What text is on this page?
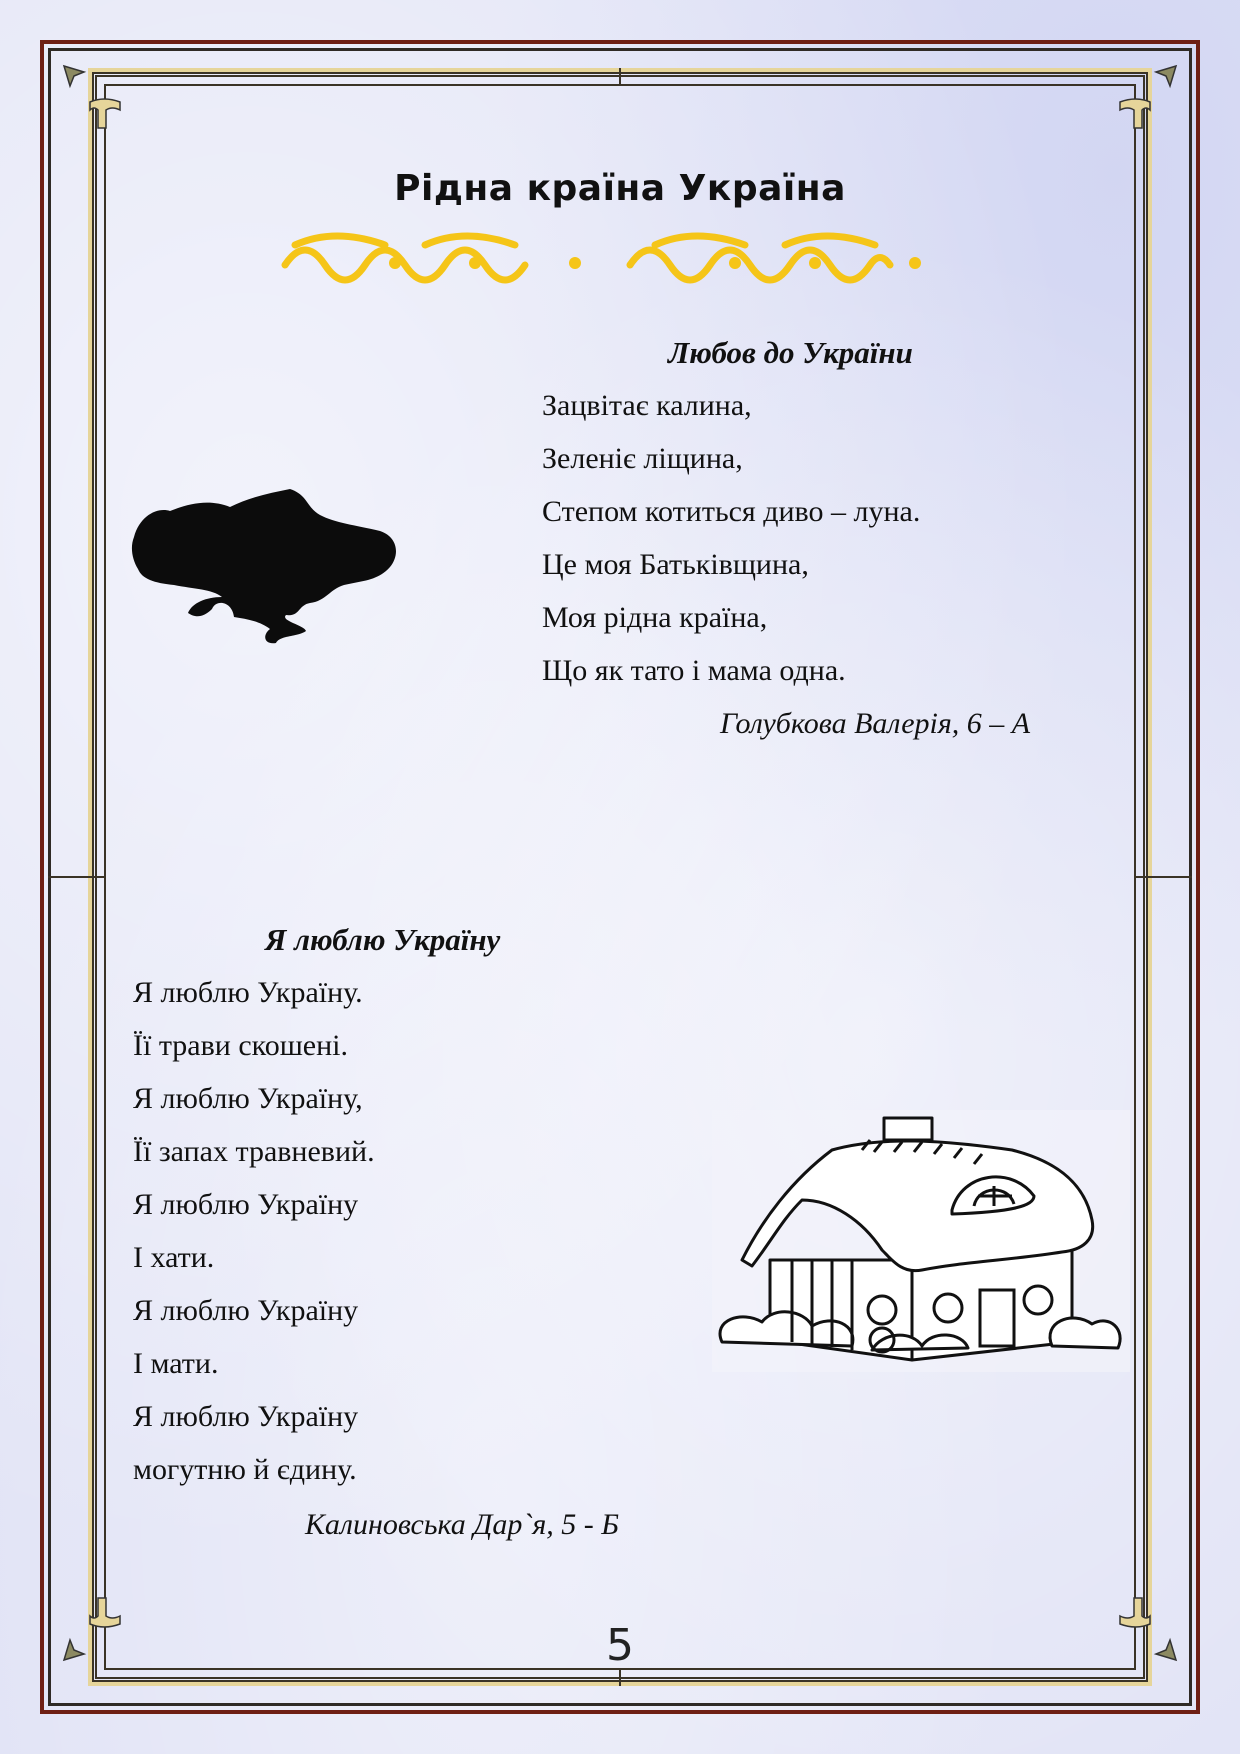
Рідна країна Україна
Любов до України
Зацвітає калина,
Зеленіє ліщина,
Степом котиться диво – луна.
Це моя Батьківщина,
Моя рідна країна,
Що як тато і мама одна.
Голубкова Валерія, 6 – А
Я люблю Україну
Я люблю Україну.
Її трави скошені.
Я люблю Україну,
Її запах травневий.
Я люблю Україну
І хати.
Я люблю Україну
І мати.
Я люблю Україну
могутню й єдину.
Калиновська Дар`я, 5 - Б
5
